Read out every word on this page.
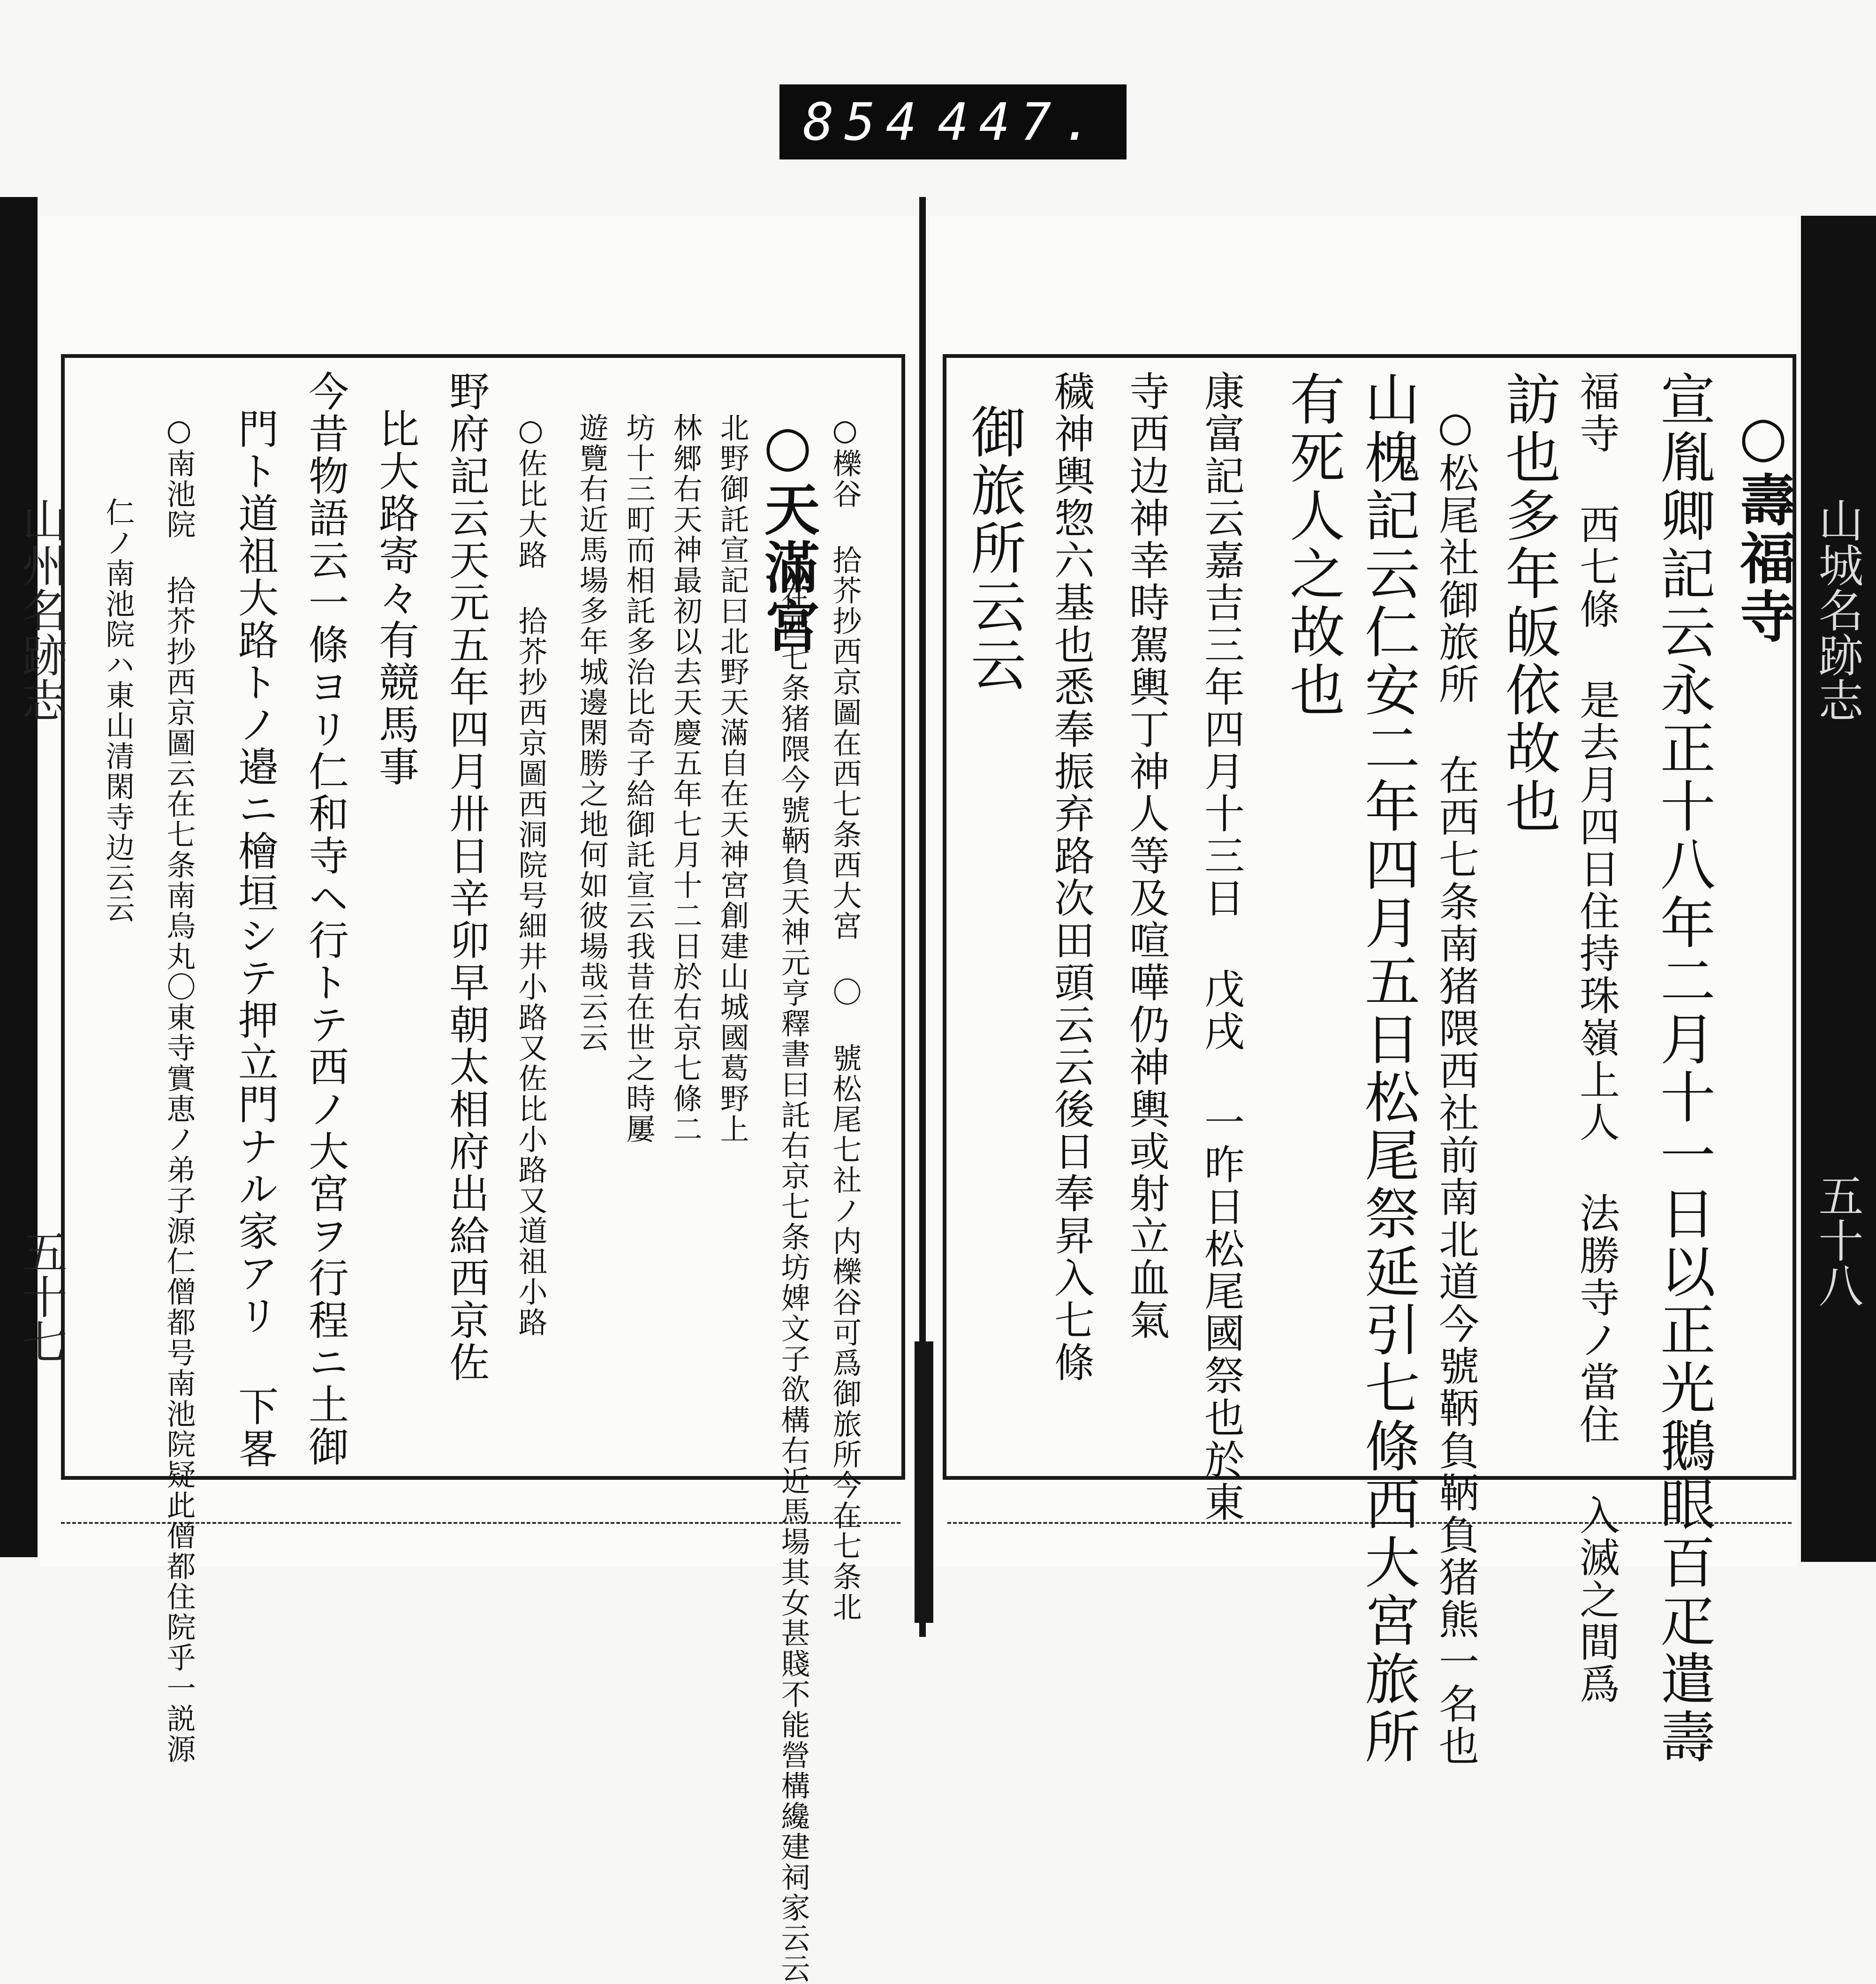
854 447.
山州名跡志
五十七
山城名跡志
五十八
○壽福寺
宣胤卿記云永正十八年二月十一日以正光鵝眼百疋遣壽
福寺 西七條 是去月四日住持珠嶺上人 法勝寺ノ當住 入滅之間爲
訪也多年皈依故也
○松尾社御旅所 在西七条南猪隈西社前南北道今號鞆負鞆負猪熊一名也
山槐記云仁安二年四月五日松尾祭延引七條西大宮旅所
有死人之故也
康富記云嘉吉三年四月十三日 戊戌 一昨日松尾國祭也於東
寺西边神幸時駕輿丁神人等及喧嘩仍神輿或射立血氣
穢神輿惣六基也悉奉振弃路次田頭云云後日奉昇入七條
御旅所云云
○櫟谷 拾芥抄西京圖在西七条西大宮 〇 號松尾七社ノ内櫟谷可爲御旅所今在七条北
在西七条猪隈今號鞆負天神元亨釋書曰託右京七条坊婢文子欲構右近馬場其女甚賤不能營構纔建祠家云云
○天滿宮
北野御託宣記曰北野天滿自在天神宮創建山城國葛野上
林郷右天神最初以去天慶五年七月十二日於右京七條二
坊十三町而相託多治比奇子給御託宣云我昔在世之時屢
遊覽右近馬場多年城邊閑勝之地何如彼場哉云云
○佐比大路 拾芥抄西京圖西洞院号細井小路又佐比小路又道祖小路
野府記云天元五年四月卅日辛卯早朝太相府出給西京佐
比大路寄々有競馬事
今昔物語云一條ヨリ仁和寺ヘ行トテ西ノ大宮ヲ行程ニ土御
門ト道祖大路トノ邉ニ檜垣シテ押立門ナル家アリ 下畧
○南池院 拾芥抄西京圖云在七条南烏丸〇東寺實恵ノ弟子源仁僧都号南池院疑此僧都住院乎一説源
仁ノ南池院ハ東山清閑寺边云云
